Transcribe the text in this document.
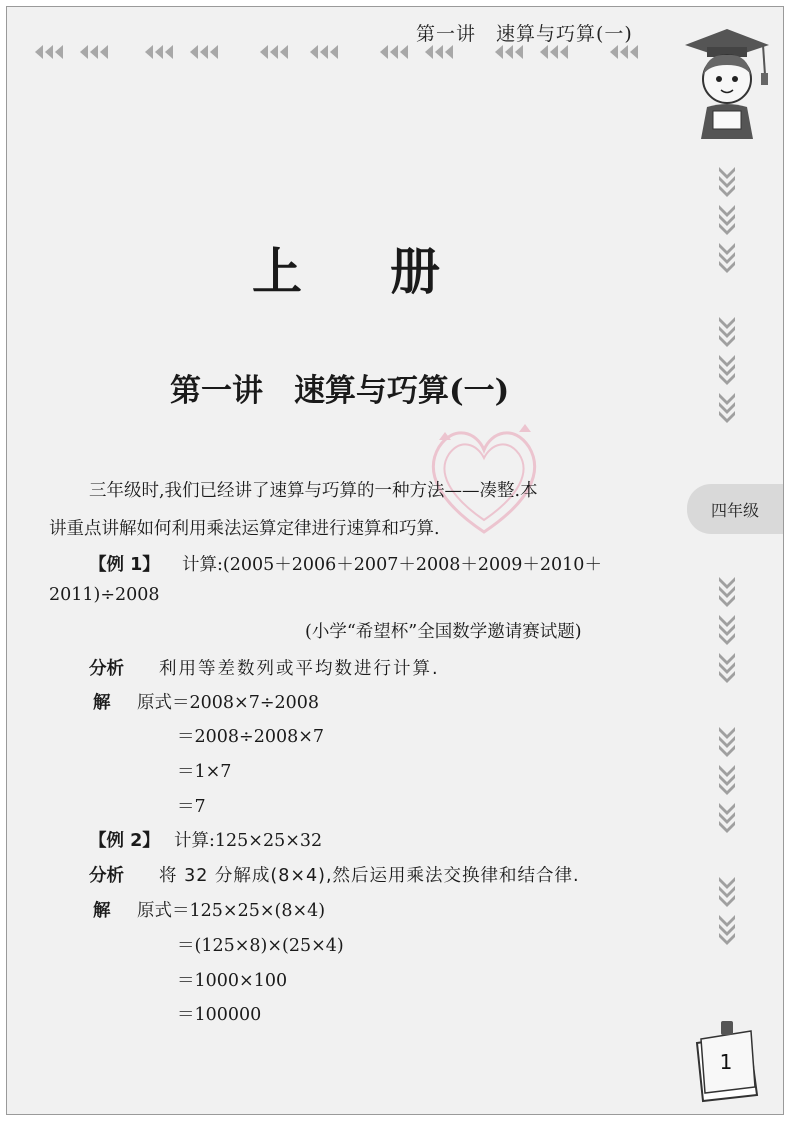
第一讲　速算与巧算(一)
四年级
1
上册
第一讲　速算与巧算(一)
三年级时,我们已经讲了速算与巧算的一种方法——凑整.本
讲重点讲解如何利用乘法运算定律进行速算和巧算.
【例 1】 计算:(2005＋2006＋2007＋2008＋2009＋2010＋
2011)÷2008
(小学“希望杯”全国数学邀请赛试题)
分析 利用等差数列或平均数进行计算.
解 原式＝2008×7÷2008
＝2008÷2008×7
＝1×7
＝7
【例 2】 计算:125×25×32
分析 将 32 分解成(8×4),然后运用乘法交换律和结合律.
解 原式＝125×25×(8×4)
＝(125×8)×(25×4)
＝1000×100
＝100000
